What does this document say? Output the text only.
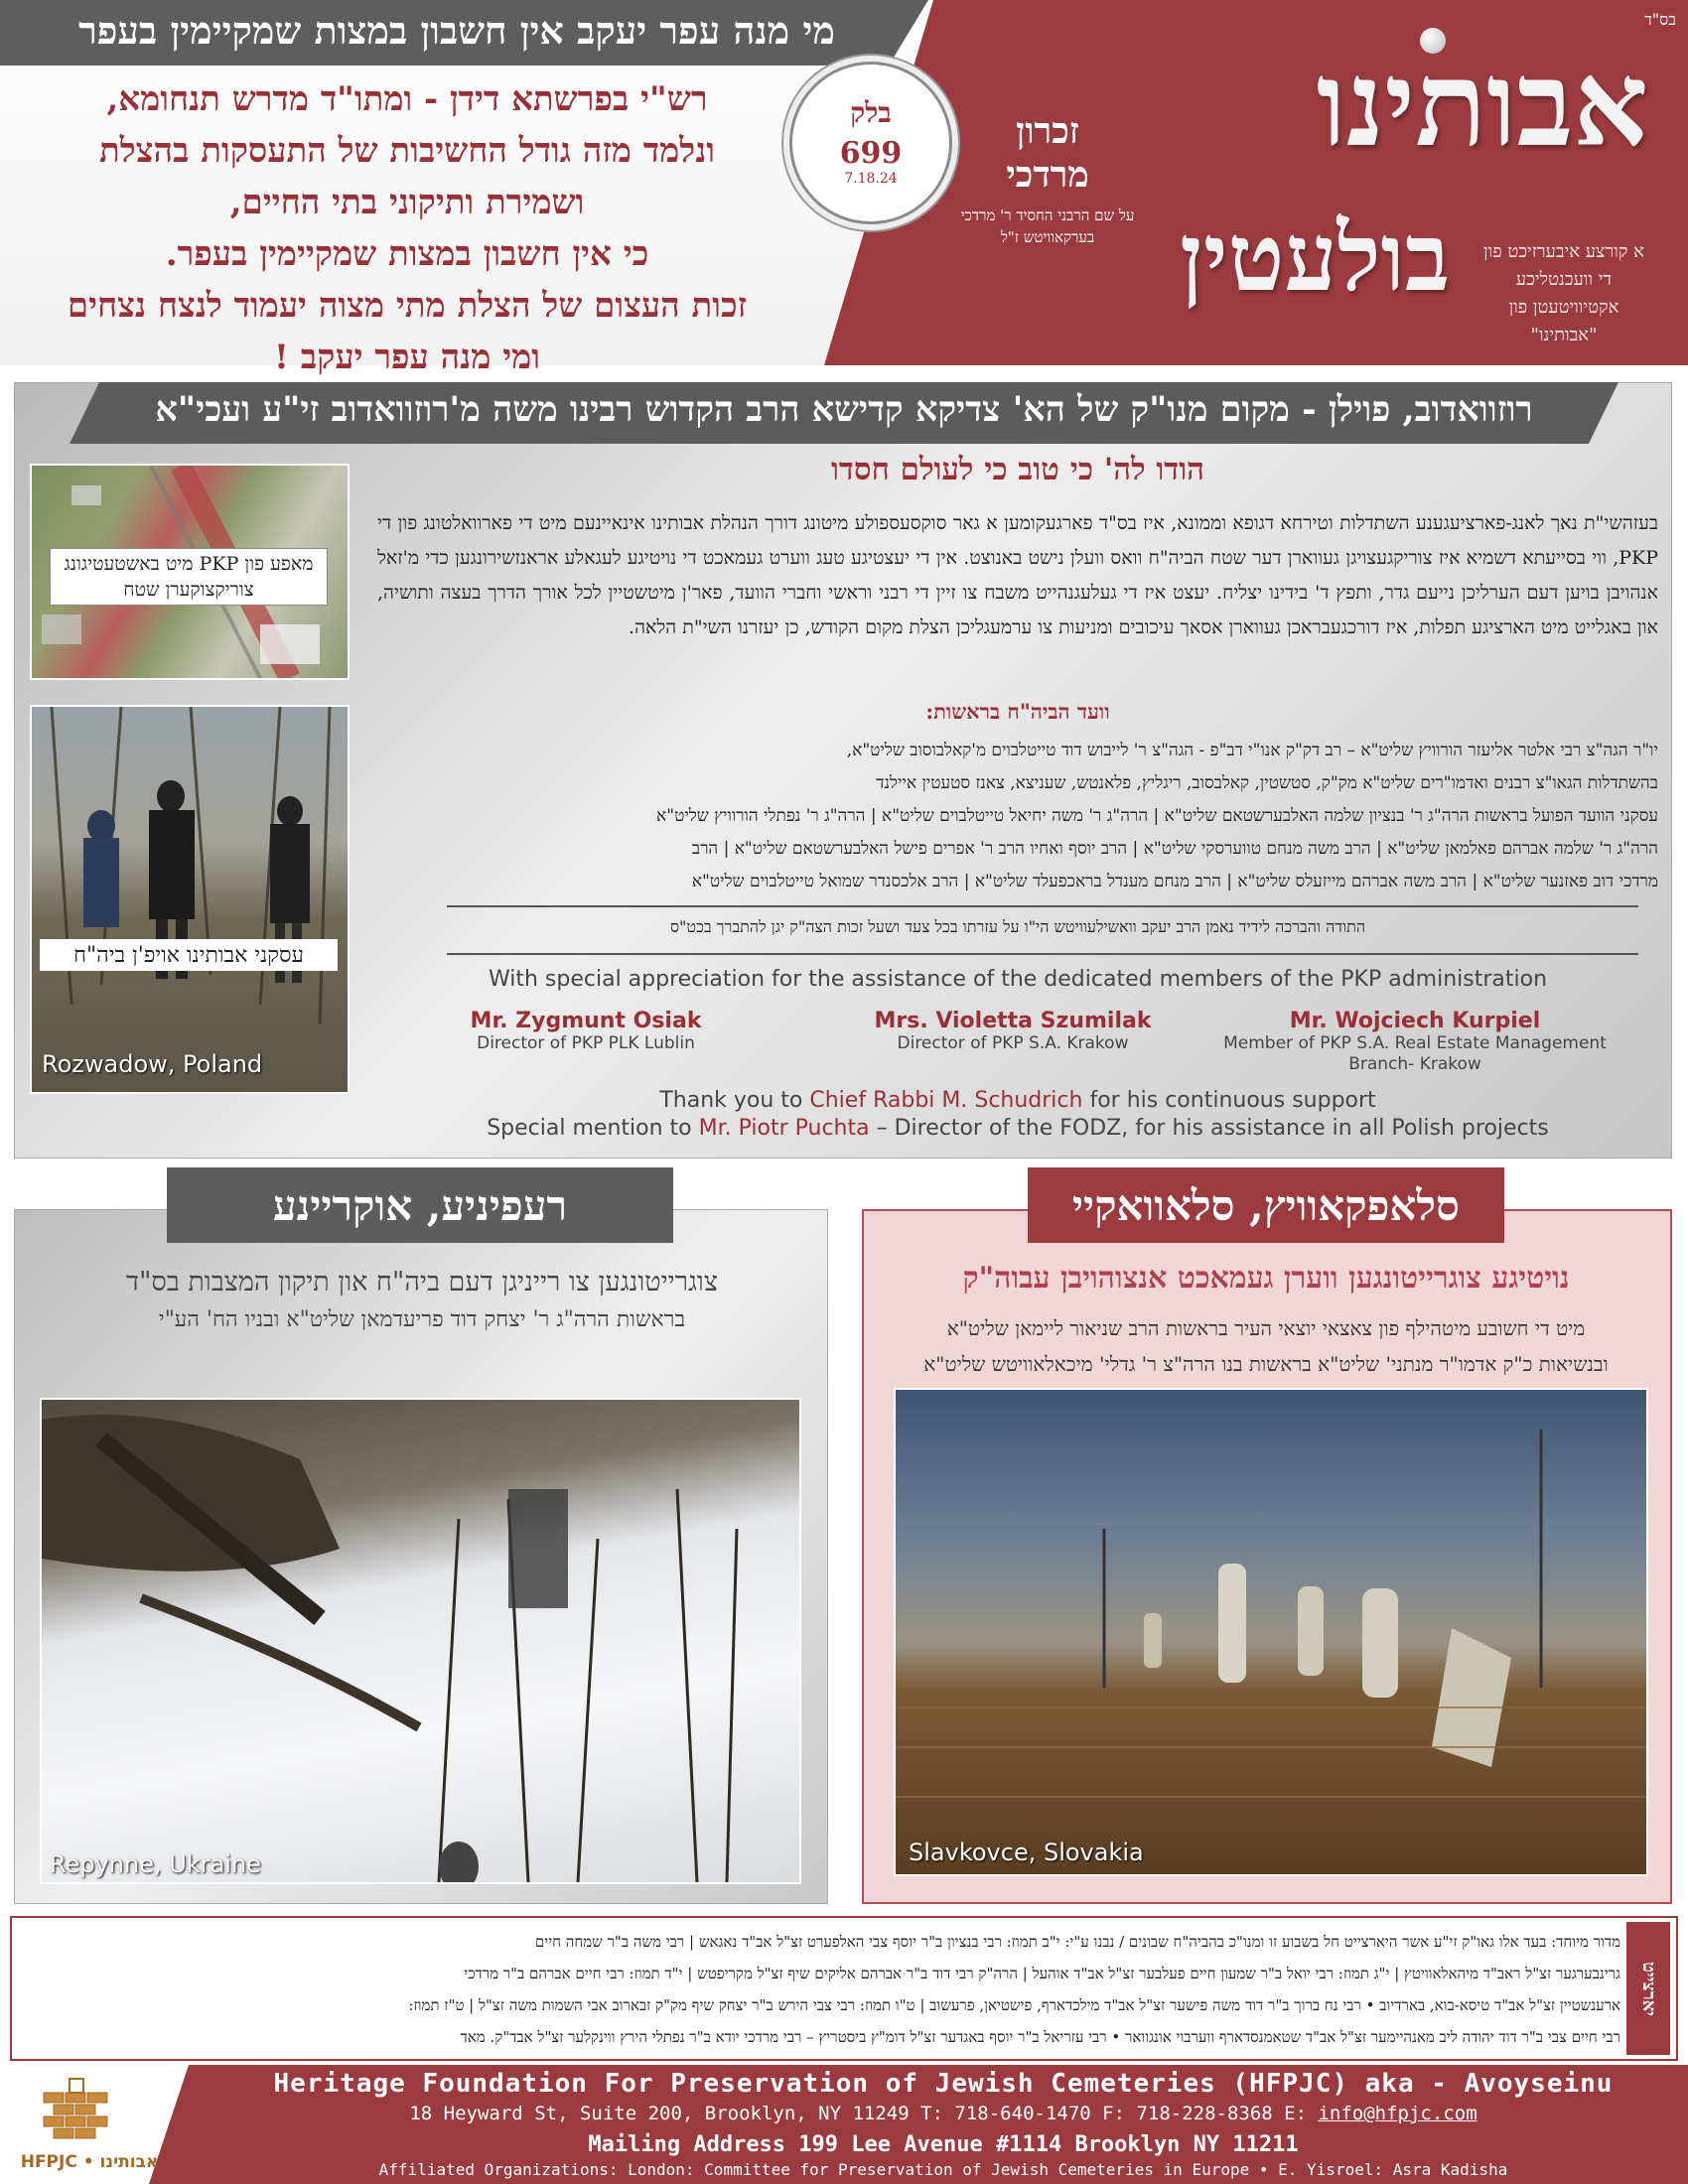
מי מנה עפר יעקב אין חשבון במצות שמקיימין בעפר
רש"י בפרשתא דידן - ומתו"ד מדרש תנחומא,
ונלמד מזה גודל החשיבות של התעסקות בהצלת
ושמירת ותיקוני בתי החיים,
כי אין חשבון במצות שמקיימין בעפר.
זכות העצום של הצלת מתי מצוה יעמוד לנצח נצחים
ומי מנה עפר יעקב !
בלק
699
7.18.24
זכרון
מרדכי
על שם הרבני החסיד ר' מרדכי בערקאוויטש ז"ל
בס"ד
אבותינו
בולעטין	א קורצע איבערזיכט פון
די וועכנטליכע
אקטיוויטעטן פון
"אבותינו"
רוזוואדוב, פוילן - מקום מנו"ק של הא' צדיקא קדישא הרב הקדוש רבינו משה מ'רוזוואדוב זי"ע ועכי"א
מאפע פון PKP מיט באשטעטיגונג צוריקצוקערן שטח
עסקני אבותינו אויפ'ן ביה"ח
Rozwadow, Poland
הודו לה' כי טוב כי לעולם חסדו
בעזהשי"ת נאך לאנג-פארציעגענע השתדלות וטירחא דגופא וממונא, איז בס"ד פארגעקומען א גאר סוקסעספולע מיטונג דורך הנהלת אבותינו אינאיינעם מיט די פארוואלטונג פון די PKP, ווי בסייעתא דשמיא איז צוריקגעצויגן געווארן דער שטח הביה"ח וואס וועלן נישט באנוצט. אין די יעצטיגע טעג ווערט געמאכט די נויטיגע לעגאלע אראנזשירונגען כדי מ'זאל אנהויבן בויען דעם הערליכן נייעם גדר, ותפץ ד' בידינו יצליח. יעצט איז די געלעגנהייט משבח צו זיין די רבני וראשי וחברי הוועד, פאר'ן מיטשטיין לכל אורך הדרך בעצה ותושיה, און באגלייט מיט הארציגע תפלות, איז דורכגעבראכן געווארן אסאך עיכובים ומניעות צו ערמעגליכן הצלת מקום הקודש, כן יעזרנו השי"ת הלאה.
וועד הביה"ח בראשות:
יו"ר הגה"צ רבי אלטר אליעזר הורוויץ שליט"א – רב דק"ק אנו"י דב"פ - הגה"צ ר' לייבוש דוד טייטלבוים מ'קאלבוסוב שליט"א,
בהשתדלות הגאו"צ רבנים ואדמו"רים שליט"א מק"ק, סטשטין, קאלבסוב, ריגליץ, פלאנטש, שעניצא, צאנז סטעטין איילנד
עסקני הוועד הפועל בראשות הרה"ג ר' בנציון שלמה האלבערשטאם שליט"א | הרה"ג ר' משה יחיאל טייטלבוים שליט"א | הרה"ג ר' נפתלי הורוויץ שליט"א
הרה"ג ר' שלמה אברהם פאלמאן שליט"א | הרב משה מנחם טווערסקי שליט"א | הרב יוסף ואחיו הרב ר' אפרים פישל האלבערשטאם שליט"א | הרב
מרדכי דוב פאזנער שליט"א | הרב משה אברהם מייזעלס שליט"א | הרב מנחם מענדל בראכפעלד שליט"א | הרב אלכסנדר שמואל טייטלבוים שליט"א
התודה והברכה לידיד נאמן הרב יעקב וואשילעוויטש הי"ו על עזרתו בכל צעד ושעל זכות הצה"ק יגן להתברך בכט"ס
With special appreciation for the assistance of the dedicated members of the PKP administration
Mr. Zygmunt Osiak
Director of PKP PLK Lublin
Mrs. Violetta Szumilak
Director of PKP S.A. Krakow
Mr. Wojciech Kurpiel
Member of PKP S.A. Real Estate Management Branch- Krakow
Thank you to Chief Rabbi M. Schudrich for his continuous support
Special mention to Mr. Piotr Puchta – Director of the FODZ, for his assistance in all Polish projects
רעפיניע, אוקריינע
צוגרייטונגען צו רייניגן דעם ביה"ח און תיקון המצבות בס"ד
בראשות הרה"ג ר' יצחק דוד פריעדמאן שליט"א ובניו הח' הע"י
Repynne, Ukraine
סלאפקאוויץ, סלאוואקיי
נויטיגע צוגרייטונגען ווערן געמאכט אנצוהויבן עבוה"ק
מיט די חשובע מיטהילף פון צאצאי יוצאי העיר בראשות הרב שניאור ליימאן שליט"א
ובנשיאות כ"ק אדמו"ר מנתני' שליט"א בראשות בנו הרה"צ ר' גדלי' מיכאלאוויטש שליט"א
Slavkovce, Slovakia
יארצייט
מדור מיוחד: בעד אלו גאו"ק זי"ע אשר היארצייט חל בשבוע זו ומנו"כ בהביה"ח שבונים / נבנו ע"י: י"ב תמוז: רבי בנציון ב"ר יוסף צבי האלפערט זצ"ל אב"ד נאגאש | רבי משה ב"ר שמחה חיים
גרינבערגער זצ"ל ראב"ד מיהאלאוויטץ | י"ג תמוז: רבי יואל ב"ר שמעון חיים פעלבער זצ"ל אב"ד אוהעל | הרה"ק רבי דוד ב"ר אברהם אליקים שיף זצ"ל מקריפטש | י"ד תמוז: רבי חיים אברהם ב"ר מרדכי
ארענשטיין זצ"ל אב"ד טיסא-בוא, בארדיוב • רבי נח ברוך ב"ר דוד משה פישער זצ"ל אב"ד מילכדארף, פישטיאן, פרעשוב | ט"ו תמוז: רבי צבי הירש ב"ר יצחק שיף מק"ק זבארוב אבי השמות משה זצ"ל | ט"ז תמוז:
רבי חיים צבי ב"ר דוד יהודה ליב מאנהיימער זצ"ל אב"ד שטאמנסדארף ווערבוי אונגוואר • רבי עזריאל ב"ר יוסף באגדער זצ"ל דומ"ץ ביסטריץ – רבי מרדכי יודא ב"ר נפתלי הירץ ווינקלער זצ"ל אבד"ק. מאד
HFPJC • אבותינו
Heritage Foundation For Preservation of Jewish Cemeteries (HFPJC) aka - Avoyseinu
18 Heyward St, Suite 200, Brooklyn, NY 11249 T: 718-640-1470 F: 718-228-8368 E: info@hfpjc.com
Mailing Address 199 Lee Avenue #1114 Brooklyn NY 11211
Affiliated Organizations: London: Committee for Preservation of Jewish Cemeteries in Europe • E. Yisroel: Asra Kadisha
